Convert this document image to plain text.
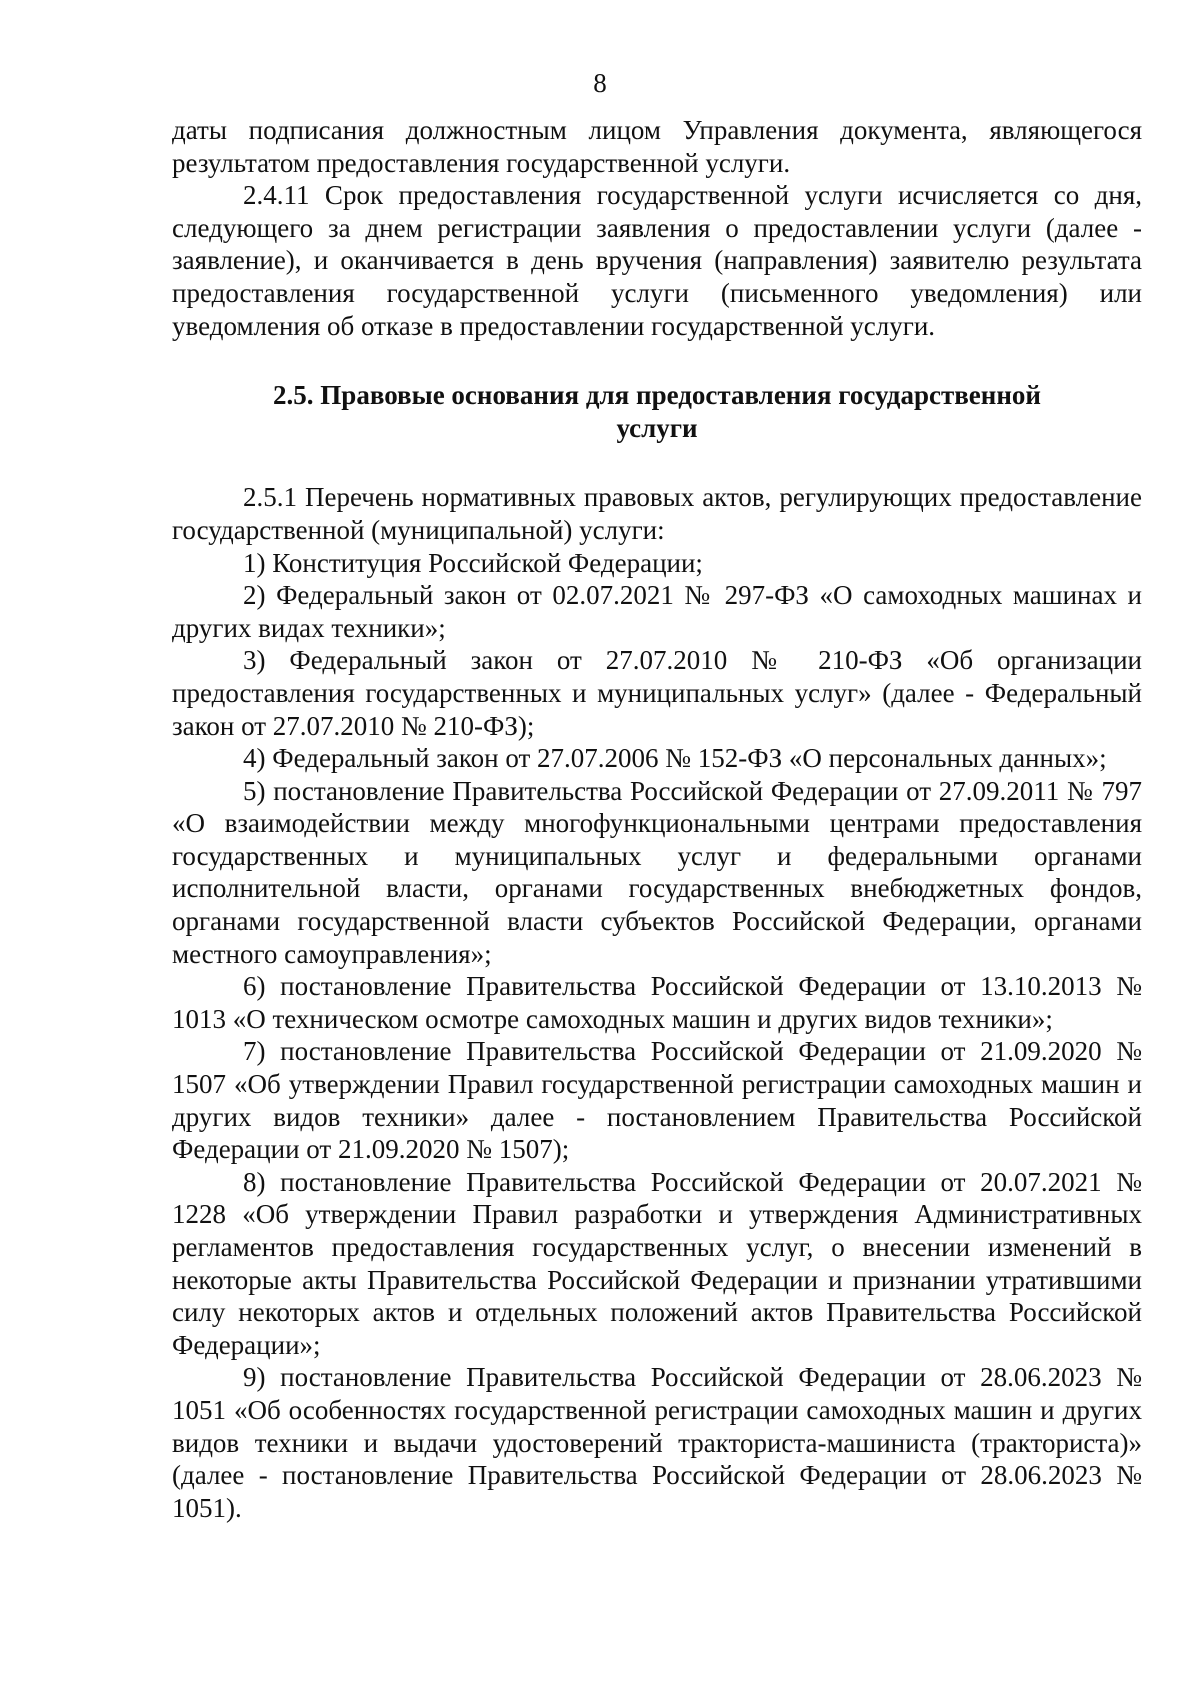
8

даты подписания должностным лицом Управления документа, являющегося результатом предоставления государственной услуги.

2.4.11 Срок предоставления государственной услуги исчисляется со дня, следующего за днем регистрации заявления о предоставлении услуги (далее - заявление), и оканчивается в день вручения (направления) заявителю результата предоставления государственной услуги (письменного уведомления) или уведомления об отказе в предоставлении государственной услуги.

2.5. Правовые основания для предоставления государственной услуги

2.5.1 Перечень нормативных правовых актов, регулирующих предоставление государственной (муниципальной) услуги:

1) Конституция Российской Федерации;

2) Федеральный закон от 02.07.2021 № 297-ФЗ «О самоходных машинах и других видах техники»;

3) Федеральный закон от 27.07.2010 № 210-ФЗ «Об организации предоставления государственных и муниципальных услуг» (далее - Федеральный закон от 27.07.2010 № 210-ФЗ);

4) Федеральный закон от 27.07.2006 № 152-ФЗ «О персональных данных»;

5) постановление Правительства Российской Федерации от 27.09.2011 № 797 «О взаимодействии между многофункциональными центрами предоставления государственных и муниципальных услуг и федеральными органами исполнительной власти, органами государственных внебюджетных фондов, органами государственной власти субъектов Российской Федерации, органами местного самоуправления»;

6) постановление Правительства Российской Федерации от 13.10.2013 № 1013 «О техническом осмотре самоходных машин и других видов техники»;

7) постановление Правительства Российской Федерации от 21.09.2020 № 1507 «Об утверждении Правил государственной регистрации самоходных машин и других видов техники» далее - постановлением Правительства Российской Федерации от 21.09.2020 № 1507);

8) постановление Правительства Российской Федерации от 20.07.2021 № 1228 «Об утверждении Правил разработки и утверждения Административных регламентов предоставления государственных услуг, о внесении изменений в некоторые акты Правительства Российской Федерации и признании утратившими силу некоторых актов и отдельных положений актов Правительства Российской Федерации»;

9) постановление Правительства Российской Федерации от 28.06.2023 № 1051 «Об особенностях государственной регистрации самоходных машин и других видов техники и выдачи удостоверений тракториста-машиниста (тракториста)» (далее - постановление Правительства Российской Федерации от 28.06.2023 № 1051).
